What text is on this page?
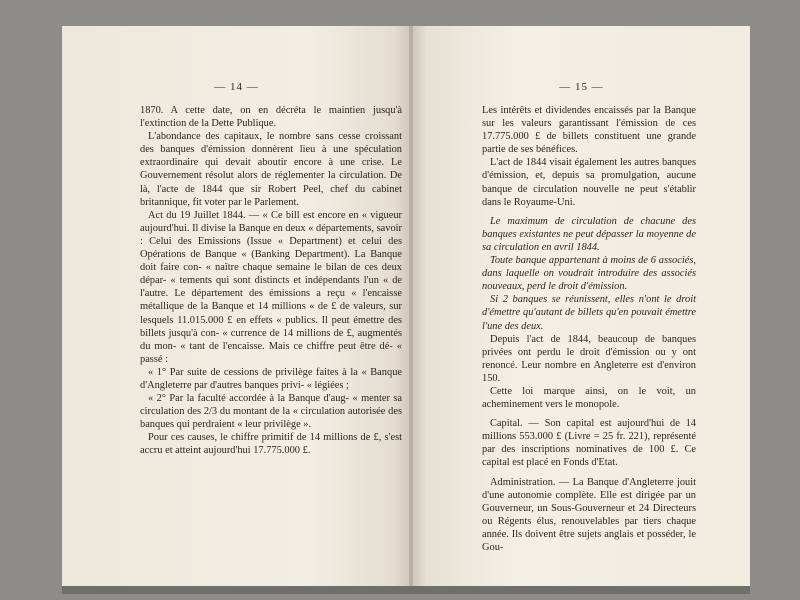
— 14 —

1870. A cette date, on en décréta le maintien jusqu'à l'extinction de la Dette Publique.

L'abondance des capitaux, le nombre sans cesse croissant des banques d'émission donnèrent lieu à une spéculation extraordinaire qui devait aboutir encore à une crise. Le Gouvernement résolut alors de réglementer la circulation. De là, l'acte de 1844 que sir Robert Peel, chef du cabinet britannique, fit voter par le Parlement.

Act du 19 Juillet 1844. — « Ce bill est encore en « vigueur aujourd'hui. Il divise la Banque en deux « départements, savoir : Celui des Emissions (Issue « Department) et celui des Opérations de Banque « (Banking Department). La Banque doit faire con- « naître chaque semaine le bilan de ces deux dépar- « tements qui sont distincts et indépendants l'un « de l'autre. Le département des émissions a reçu « l'encaisse métallique de la Banque et 14 millions « de £ de valeurs, sur lesquels 11.015.000 £ en effets « publics. Il peut émettre des billets jusqu'à con- « currence de 14 millions de £, augmentés du mon- « tant de l'encaisse. Mais ce chiffre peut être dé- « passé :

« 1° Par suite de cessions de privilège faites à la « Banque d'Angleterre par d'autres banques privi- « légiées ;

« 2° Par la faculté accordée à la Banque d'aug- « menter sa circulation des 2/3 du montant de la « circulation autorisée des banques qui perdraient « leur privilège ».

Pour ces causes, le chiffre primitif de 14 millions de £, s'est accru et atteint aujourd'hui 17.775.000 £.

— 15 —

Les intérêts et dividendes encaissés par la Banque sur les valeurs garantissant l'émission de ces 17.775.000 £ de billets constituent une grande partie de ses bénéfices.

L'act de 1844 visait également les autres banques d'émission, et, depuis sa promulgation, aucune banque de circulation nouvelle ne peut s'établir dans le Royaume-Uni.

Le maximum de circulation de chacune des banques existantes ne peut dépasser la moyenne de sa circulation en avril 1844.

Toute banque appartenant à moins de 6 associés, dans laquelle on voudrait introduire des associés nouveaux, perd le droit d'émission.

Si 2 banques se réunissent, elles n'ont le droit d'émettre qu'autant de billets qu'en pouvait émettre l'une des deux.

Depuis l'act de 1844, beaucoup de banques privées ont perdu le droit d'émission ou y ont renoncé. Leur nombre en Angleterre est d'environ 150.

Cette loi marque ainsi, on le voit, un acheminement vers le monopole.

Capital. — Son capital est aujourd'hui de 14 millions 553.000 £ (Livre = 25 fr. 221), représenté par des inscriptions nominatives de 100 £. Ce capital est placé en Fonds d'Etat.

Administration. — La Banque d'Angleterre jouit d'une autonomie complète. Elle est dirigée par un Gouverneur, un Sous-Gouverneur et 24 Directeurs ou Régents élus, renouvelables par tiers chaque année. Ils doivent être sujets anglais et posséder, le Gou-
